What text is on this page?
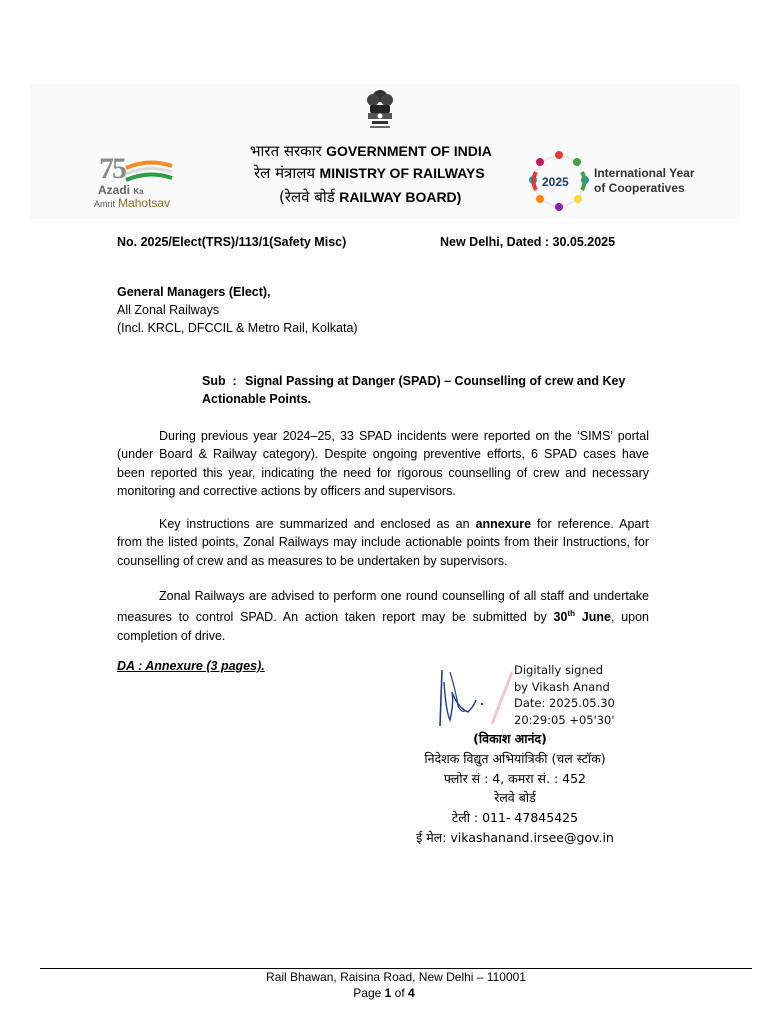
भारत सरकार GOVERNMENT OF INDIA
रेल मंत्रालय MINISTRY OF RAILWAYS
(रेलवे बोर्ड RAILWAY BOARD)
75
Azadi Ka
Amrit Mahotsav
2025
International Year
of Cooperatives
No. 2025/Elect(TRS)/113/1(Safety Misc)	New Delhi, Dated : 30.05.2025
General Managers (Elect),
All Zonal Railways
(Incl. KRCL, DFCCIL & Metro Rail, Kolkata)
Sub  : Signal Passing at Danger (SPAD) – Counselling of crew and Key
Actionable Points.
During previous year 2024–25, 33 SPAD incidents were reported on the ‘SIMS’ portal (under Board & Railway category). Despite ongoing preventive efforts, 6 SPAD cases have been reported this year, indicating the need for rigorous counselling of crew and necessary monitoring and corrective actions by officers and supervisors.
Key instructions are summarized and enclosed as an annexure for reference. Apart from the listed points, Zonal Railways may include actionable points from their Instructions, for counselling of crew and as measures to be undertaken by supervisors.
Zonal Railways are advised to perform one round counselling of all staff and undertake measures to control SPAD. An action taken report may be submitted by 30th June, upon completion of drive.
DA : Annexure (3 pages).	Digitally signed
by Vikash Anand
Date: 2025.05.30
20:29:05 +05'30'
(विकाश आनंद)
निदेशक विद्युत अभियांत्रिकी (चल स्टॉक)
फ्लोर सं : 4, कमरा सं. : 452
रेलवे बोर्ड
टेली : 011- 47845425
ई मेल: vikashanand.irsee@gov.in
Rail Bhawan, Raisina Road, New Delhi – 110001
Page 1 of 4
